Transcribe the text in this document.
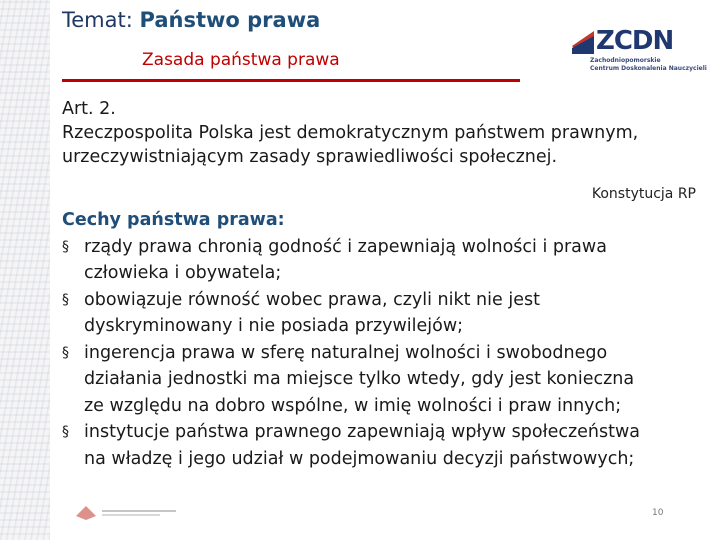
Temat: Państwo prawa
Zasada państwa prawa
ZCDN
Zachodniopomorskie
Centrum Doskonalenia Nauczycieli

Art. 2.

Rzeczpospolita Polska jest demokratycznym państwem prawnym,

urzeczywistniającym zasady sprawiedliwości społecznej.

Konstytucja RP

Cechy państwa prawa:

§ rządy prawa chronią godność i zapewniają wolności i prawa
człowieka i obywatela;
§ obowiązuje równość wobec prawa, czyli nikt nie jest
dyskryminowany i nie posiada przywilejów;
§ ingerencja prawa w sferę naturalnej wolności i swobodnego
działania jednostki ma miejsce tylko wtedy, gdy jest konieczna
ze względu na dobro wspólne, w imię wolności i praw innych;
§ instytucje państwa prawnego zapewniają wpływ społeczeństwa
na władzę i jego udział w podejmowaniu decyzji państwowych;
10
